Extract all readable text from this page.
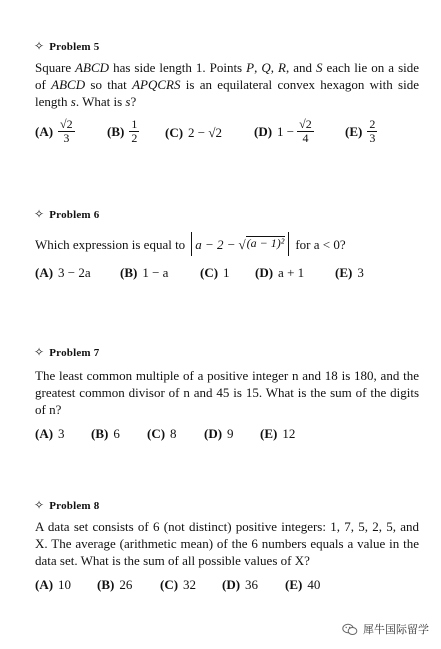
✧ Problem 5
Square ABCD has side length 1. Points P, Q, R, and S each lie on a side of ABCD so that APQCRS is an equilateral convex hexagon with side length s. What is s?
$(A) \frac{√2}{3} (B) \frac{1}{2} (C) 2 - √2$ (D) $1 - \frac{√2}{4} (E) \frac{2}{3}$
✧ Problem 6
Which expression is equal to a − 2 − √ (a − 1)² for a < 0?
(A) 3 − 2a (B) 1 − a (C) 1 (D) a + 1 (E) 3
✧ Problem 7
The least common multiple of a positive integer n and 18 is 180, and the greatest common divisor of n and 45 is 15. What is the sum of the digits of n?
(A) 3 (B) 6 (C) 8 (D) 9 (E) 12
✧ Problem 8
A data set consists of 6 (not distinct) positive integers: 1, 7, 5, 2, 5, and X. The average (arithmetic mean) of the 6 numbers equals a value in the data set. What is the sum of all possible values of X?
(A) 10 (B) 26 (C) 32 (D) 36 (E) 40
犀牛国际留学
